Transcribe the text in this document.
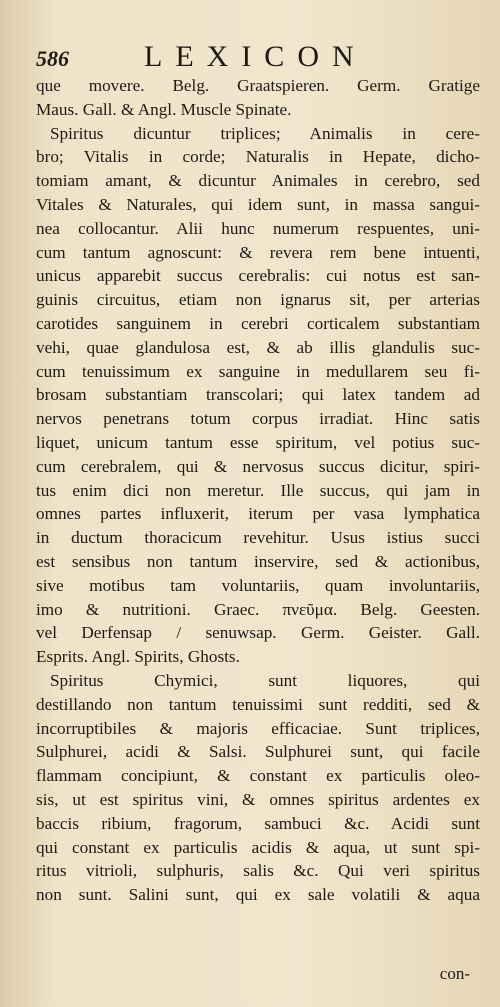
586	LEXICON
que movere. Belg. Graatspieren. Germ. Gratige
Maus. Gall. & Angl. Muscle Spinate.
Spiritus dicuntur triplices; Animalis in cere-
bro; Vitalis in corde; Naturalis in Hepate, dicho-
tomiam amant, & dicuntur Animales in cerebro, sed
Vitales & Naturales, qui idem sunt, in massa sangui-
nea collocantur. Alii hunc numerum respuentes, uni-
cum tantum agnoscunt: & revera rem bene intuenti,
unicus apparebit succus cerebralis: cui notus est san-
guinis circuitus, etiam non ignarus sit, per arterias
carotides sanguinem in cerebri corticalem substantiam
vehi, quae glandulosa est, & ab illis glandulis suc-
cum tenuissimum ex sanguine in medullarem seu fi-
brosam substantiam transcolari; qui latex tandem ad
nervos penetrans totum corpus irradiat. Hinc satis
liquet, unicum tantum esse spiritum, vel potius suc-
cum cerebralem, qui & nervosus succus dicitur, spiri-
tus enim dici non meretur. Ille succus, qui jam in
omnes partes influxerit, iterum per vasa lymphatica
in ductum thoracicum revehitur. Usus istius succi
est sensibus non tantum inservire, sed & actionibus,
sive motibus tam voluntariis, quam involuntariis,
imo & nutritioni. Graec. πνεῦμα. Belg. Geesten.
vel Derfensap / senuwsap. Germ. Geister. Gall.
Esprits. Angl. Spirits, Ghosts.
Spiritus Chymici, sunt liquores, qui
destillando non tantum tenuissimi sunt redditi, sed &
incorruptibiles & majoris efficaciae. Sunt triplices,
Sulphurei, acidi & Salsi. Sulphurei sunt, qui facile
flammam concipiunt, & constant ex particulis oleo-
sis, ut est spiritus vini, & omnes spiritus ardentes ex
baccis ribium, fragorum, sambuci &c. Acidi sunt
qui constant ex particulis acidis & aqua, ut sunt spi-
ritus vitrioli, sulphuris, salis &c. Qui veri spiritus
non sunt. Salini sunt, qui ex sale volatili & aqua
con-
